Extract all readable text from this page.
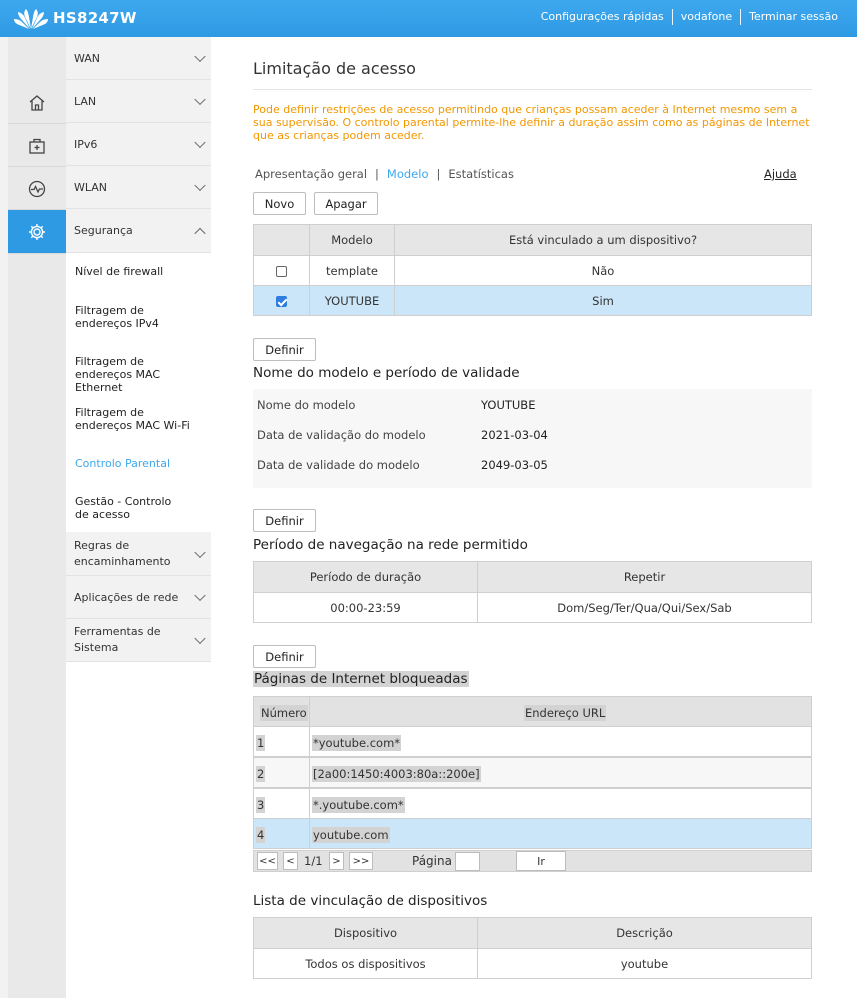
HS8247W	Configurações rápidas	vodafone	Terminar sessão
WAN
LAN
IPv6
WLAN
Segurança
Nível de firewall
Filtragem de endereços IPv4
Filtragem de endereços MAC Ethernet
Filtragem de endereços MAC Wi-Fi
Controlo Parental
Gestão - Controlo de acesso
Regras de encaminhamento
Aplicações de rede
Ferramentas de Sistema
Limitação de acesso
Pode definir restrições de acesso permitindo que crianças possam aceder à Internet mesmo sem a sua supervisão. O controlo parental permite-lhe definir a duração assim como as páginas de Internet que as crianças podem aceder.
Apresentação geral | Modelo | Estatísticas	Ajuda
Novo	Apagar
	Modelo	Está vinculado a um dispositivo?
	template	Não
	YOUTUBE	Sim
Definir
Nome do modelo e período de validade
Nome do modelo	YOUTUBE
Data de validação do modelo	2021-03-04
Data de validade do modelo	2049-03-05
Definir
Período de navegação na rede permitido
Período de duração	Repetir
00:00-23:59	Dom/Seg/Ter/Qua/Qui/Sex/Sab
Definir
Páginas de Internet bloqueadas
Número	Endereço URL
1	*youtube.com*
2	[2a00:1450:4003:80a::200e]
3	*.youtube.com*
4	youtube.com
<<	< 1/1 >	>>	Página	Ir
Lista de vinculação de dispositivos
Dispositivo	Descrição
Todos os dispositivos	youtube
